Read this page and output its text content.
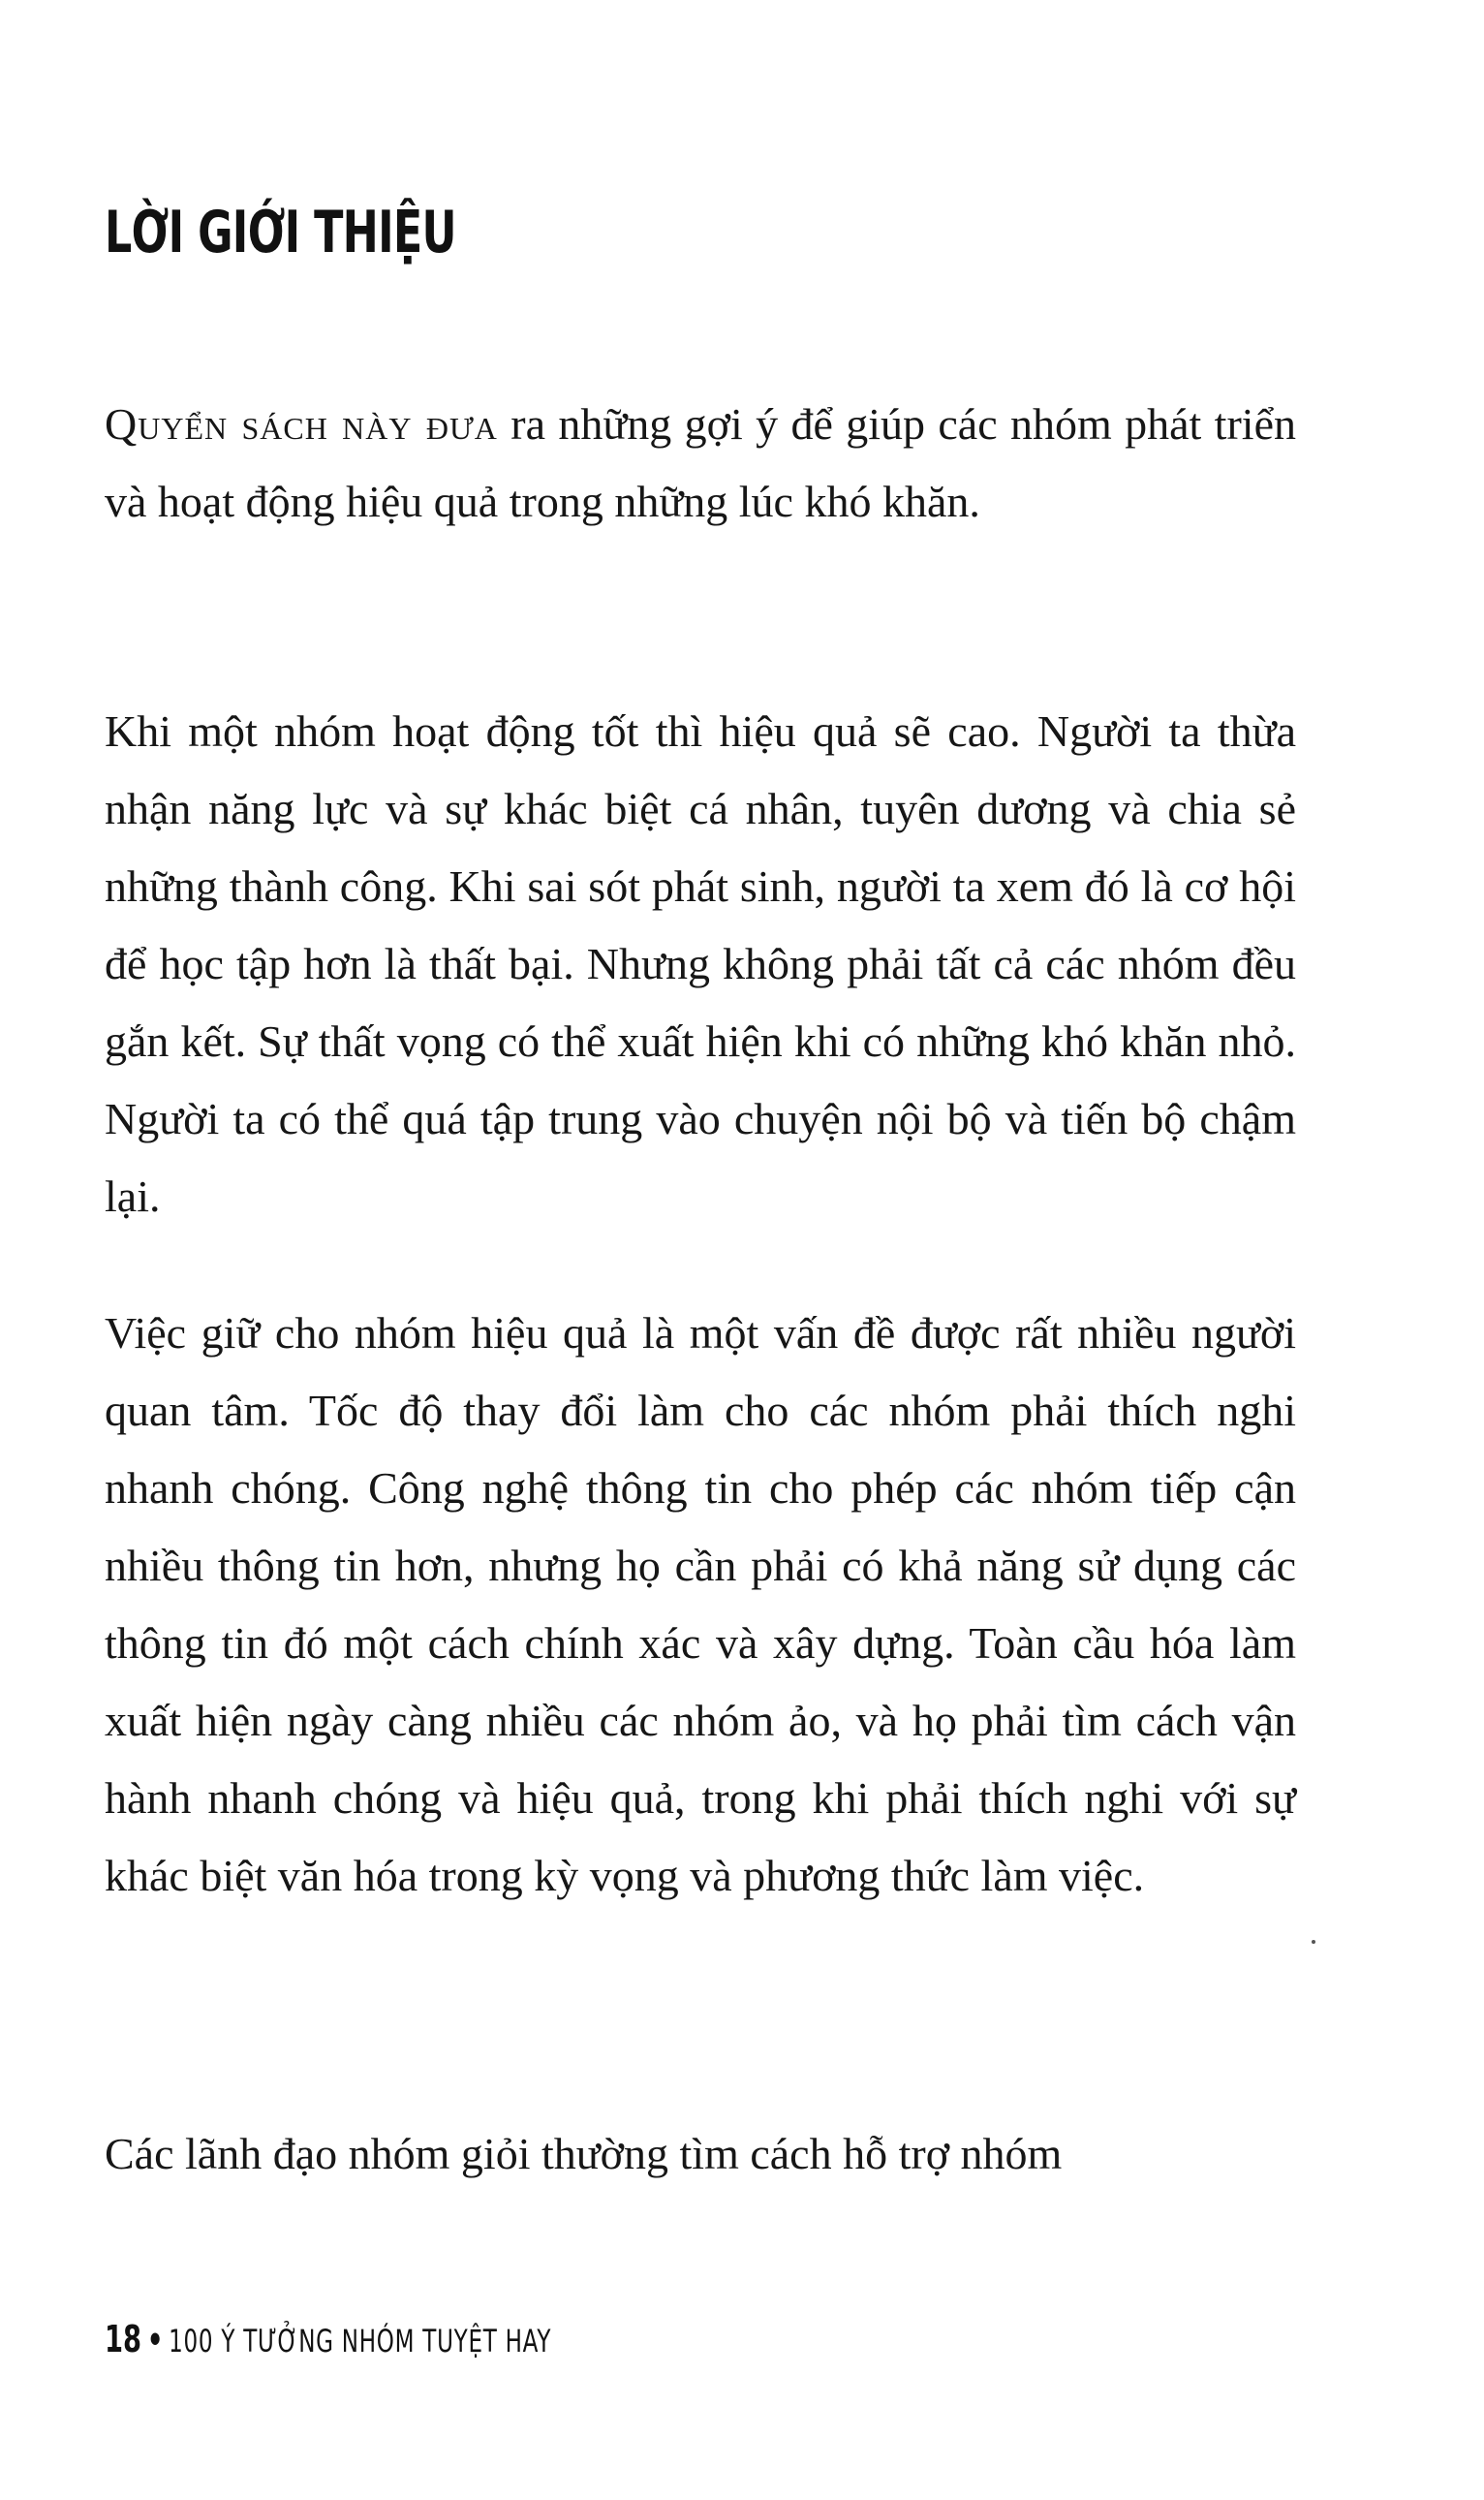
LỜI GIỚI THIỆU

Quyển sách này đưa ra những gợi ý để giúp các nhóm phát triển và hoạt động hiệu quả trong những lúc khó khăn.

Khi một nhóm hoạt động tốt thì hiệu quả sẽ cao. Người ta thừa nhận năng lực và sự khác biệt cá nhân, tuyên dương và chia sẻ những thành công. Khi sai sót phát sinh, người ta xem đó là cơ hội để học tập hơn là thất bại. Nhưng không phải tất cả các nhóm đều gắn kết. Sự thất vọng có thể xuất hiện khi có những khó khăn nhỏ. Người ta có thể quá tập trung vào chuyện nội bộ và tiến bộ chậm lại.

Việc giữ cho nhóm hiệu quả là một vấn đề được rất nhiều người quan tâm. Tốc độ thay đổi làm cho các nhóm phải thích nghi nhanh chóng. Công nghệ thông tin cho phép các nhóm tiếp cận nhiều thông tin hơn, nhưng họ cần phải có khả năng sử dụng các thông tin đó một cách chính xác và xây dựng. Toàn cầu hóa làm xuất hiện ngày càng nhiều các nhóm ảo, và họ phải tìm cách vận hành nhanh chóng và hiệu quả, trong khi phải thích nghi với sự khác biệt văn hóa trong kỳ vọng và phương thức làm việc.

Các lãnh đạo nhóm giỏi thường tìm cách hỗ trợ nhóm

18 • 100 Ý TƯỞNG NHÓM TUYỆT HAY
